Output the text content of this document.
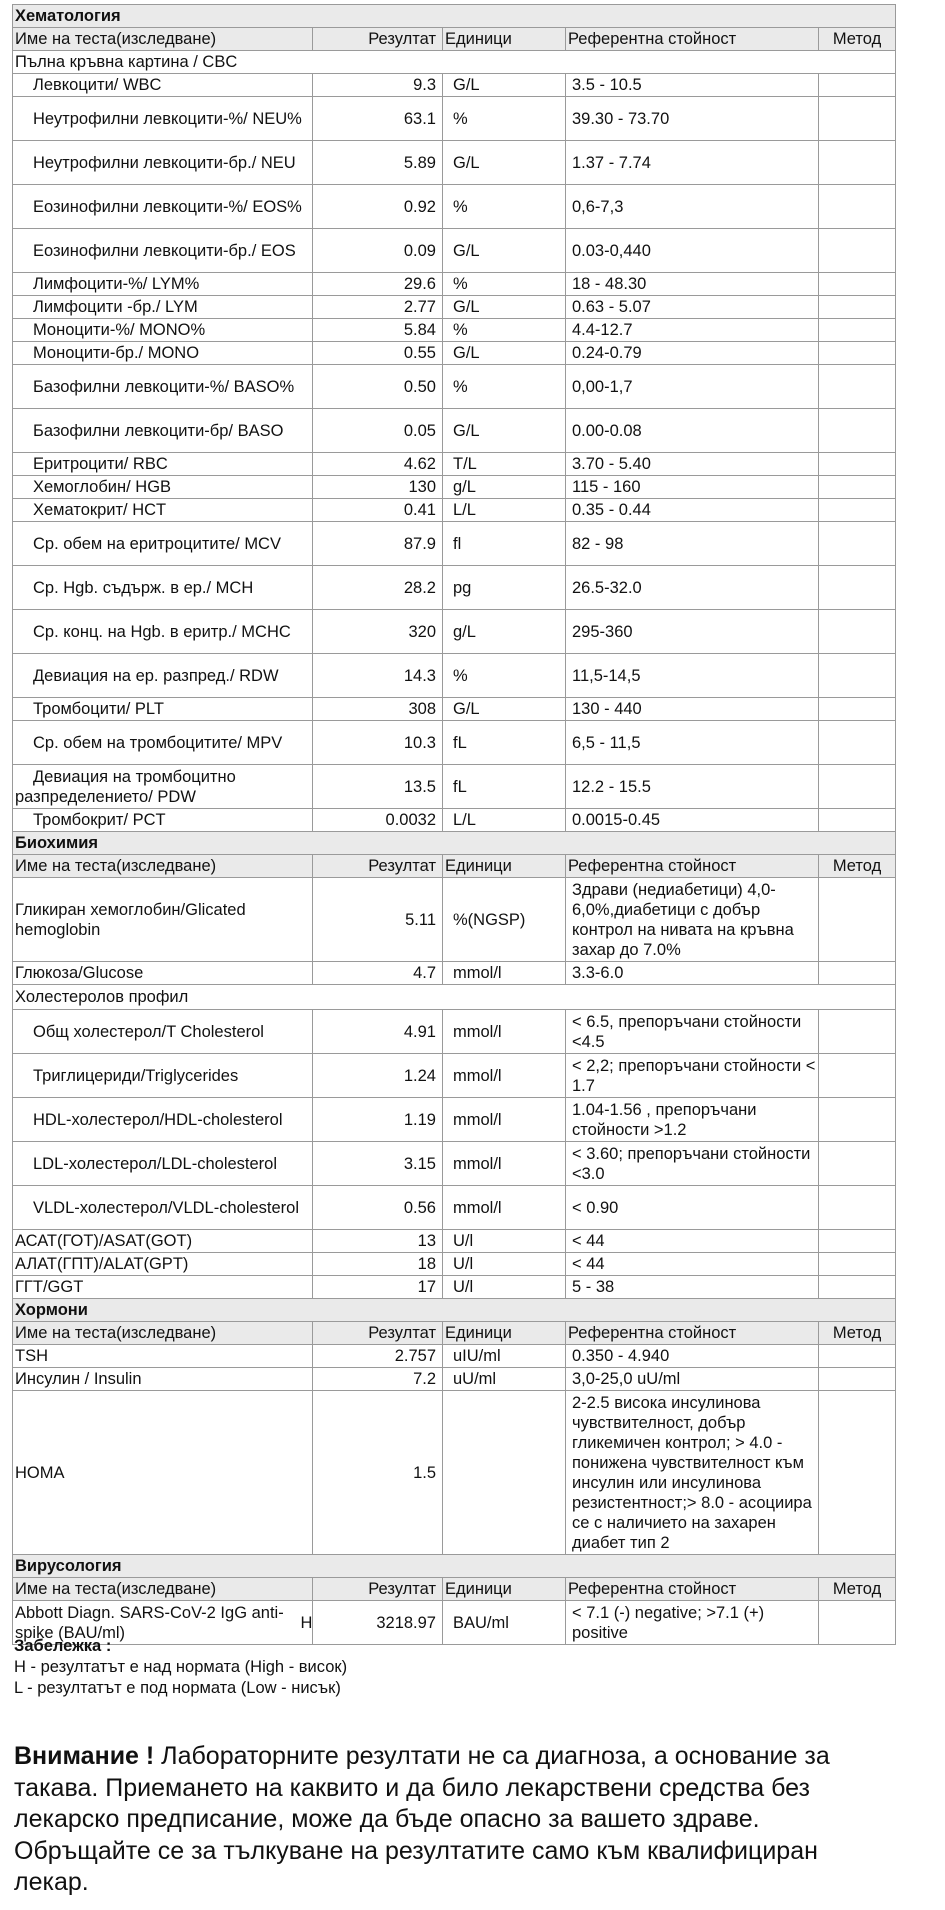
Хематология					
Име на теста(изследване)		Резултат	Единици	Референтна стойност	Метод
Пълна кръвна картина / CBC					
Левкоцити/ WBC		9.3	G/L	3.5 - 10.5	
Неутрофилни левкоцити-%/ NEU%		63.1	%	39.30 - 73.70	
Неутрофилни левкоцити-бр./ NEU		5.89	G/L	1.37 - 7.74	
Еозинофилни левкоцити-%/ EOS%		0.92	%	0,6-7,3	
Еозинофилни левкоцити-бр./ EOS		0.09	G/L	0.03-0,440	
Лимфоцити-%/ LYM%		29.6	%	18 - 48.30	
Лимфоцити -бр./ LYM		2.77	G/L	0.63 - 5.07	
Моноцити-%/ MONO%		5.84	%	4.4-12.7	
Моноцити-бр./ MONO		0.55	G/L	0.24-0.79	
Базофилни левкоцити-%/ BASO%		0.50	%	0,00-1,7	
Базофилни левкоцити-бр/ BASO		0.05	G/L	0.00-0.08	
Еритроцити/ RBC		4.62	T/L	3.70 - 5.40	
Хемоглобин/ HGB		130	g/L	115 - 160	
Хематокрит/ HCT		0.41	L/L	0.35 - 0.44	
Ср. обем на еритроцитите/ MCV		87.9	fl	82 - 98	
Ср. Hgb. съдърж. в ер./ MCH		28.2	pg	26.5-32.0	
Ср. конц. на Hgb. в еритр./ MCHC		320	g/L	295-360	
Девиация на ер. разпред./ RDW		14.3	%	11,5-14,5	
Тромбоцити/ PLT		308	G/L	130 - 440	
Ср. обем на тромбоцитите/ MPV		10.3	fL	6,5 - 11,5	
Девиация на тромбоцитно разпределението/ PDW		13.5	fL	12.2 - 15.5	
Тромбокрит/ PCT		0.0032	L/L	0.0015-0.45	
Биохимия					
Име на теста(изследване)		Резултат	Единици	Референтна стойност	Метод
Гликиран хемоглобин/Glicated hemoglobin		5.11	%(NGSP)	Здрави (недиабетици) 4,0-6,0%,диабетици с добър контрол на нивата на кръвна захар до 7.0%	
Глюкоза/Glucose		4.7	mmol/l	3.3-6.0	
Холестеролов профил					
Общ холестерол/T Cholesterol		4.91	mmol/l	< 6.5, препоръчани стойности <4.5	
Триглицериди/Triglycerides		1.24	mmol/l	< 2,2; препоръчани стойности < 1.7	
HDL-холестерол/HDL-cholesterol		1.19	mmol/l	1.04-1.56 , препоръчани стойности >1.2	
LDL-холестерол/LDL-cholesterol		3.15	mmol/l	< 3.60; препоръчани стойности <3.0	
VLDL-холестерол/VLDL-cholesterol		0.56	mmol/l	< 0.90	
АСАТ(ГОТ)/ASAT(GOT)		13	U/l	< 44	
АЛАТ(ГПТ)/ALAT(GPT)		18	U/l	< 44	
ГГТ/GGT		17	U/l	5 - 38	
Хормони					
Име на теста(изследване)		Резултат	Единици	Референтна стойност	Метод
TSH		2.757	uIU/ml	0.350 - 4.940	
Инсулин / Insulin		7.2	uU/ml	3,0-25,0 uU/ml	
HOMA		1.5		2-2.5 висока инсулинова чувствителност, добър гликемичен контрол; > 4.0 - понижена чувствителност към инсулин или инсулинова резистентност;> 8.0 - асоциира се с наличието на захарен диабет тип 2	
Вирусология					
Име на теста(изследване)		Резултат	Единици	Референтна стойност	Метод
Abbott Diagn. SARS-CoV-2 IgG anti-spike (BAU/ml)	H	3218.97	BAU/ml	< 7.1 (-) negative; >7.1 (+) positive	
Забележка :
H - резултатът е над нормата (High - висок)
L - резултатът е под нормата (Low - нисък)
Внимание ! Лабораторните резултати не са диагноза, а основание за такава. Приемането на каквито и да било лекарствени средства без лекарско предписание, може да бъде опасно за вашето здраве. Обръщайте се за тълкуване на резултатите само към квалифициран лекар.
